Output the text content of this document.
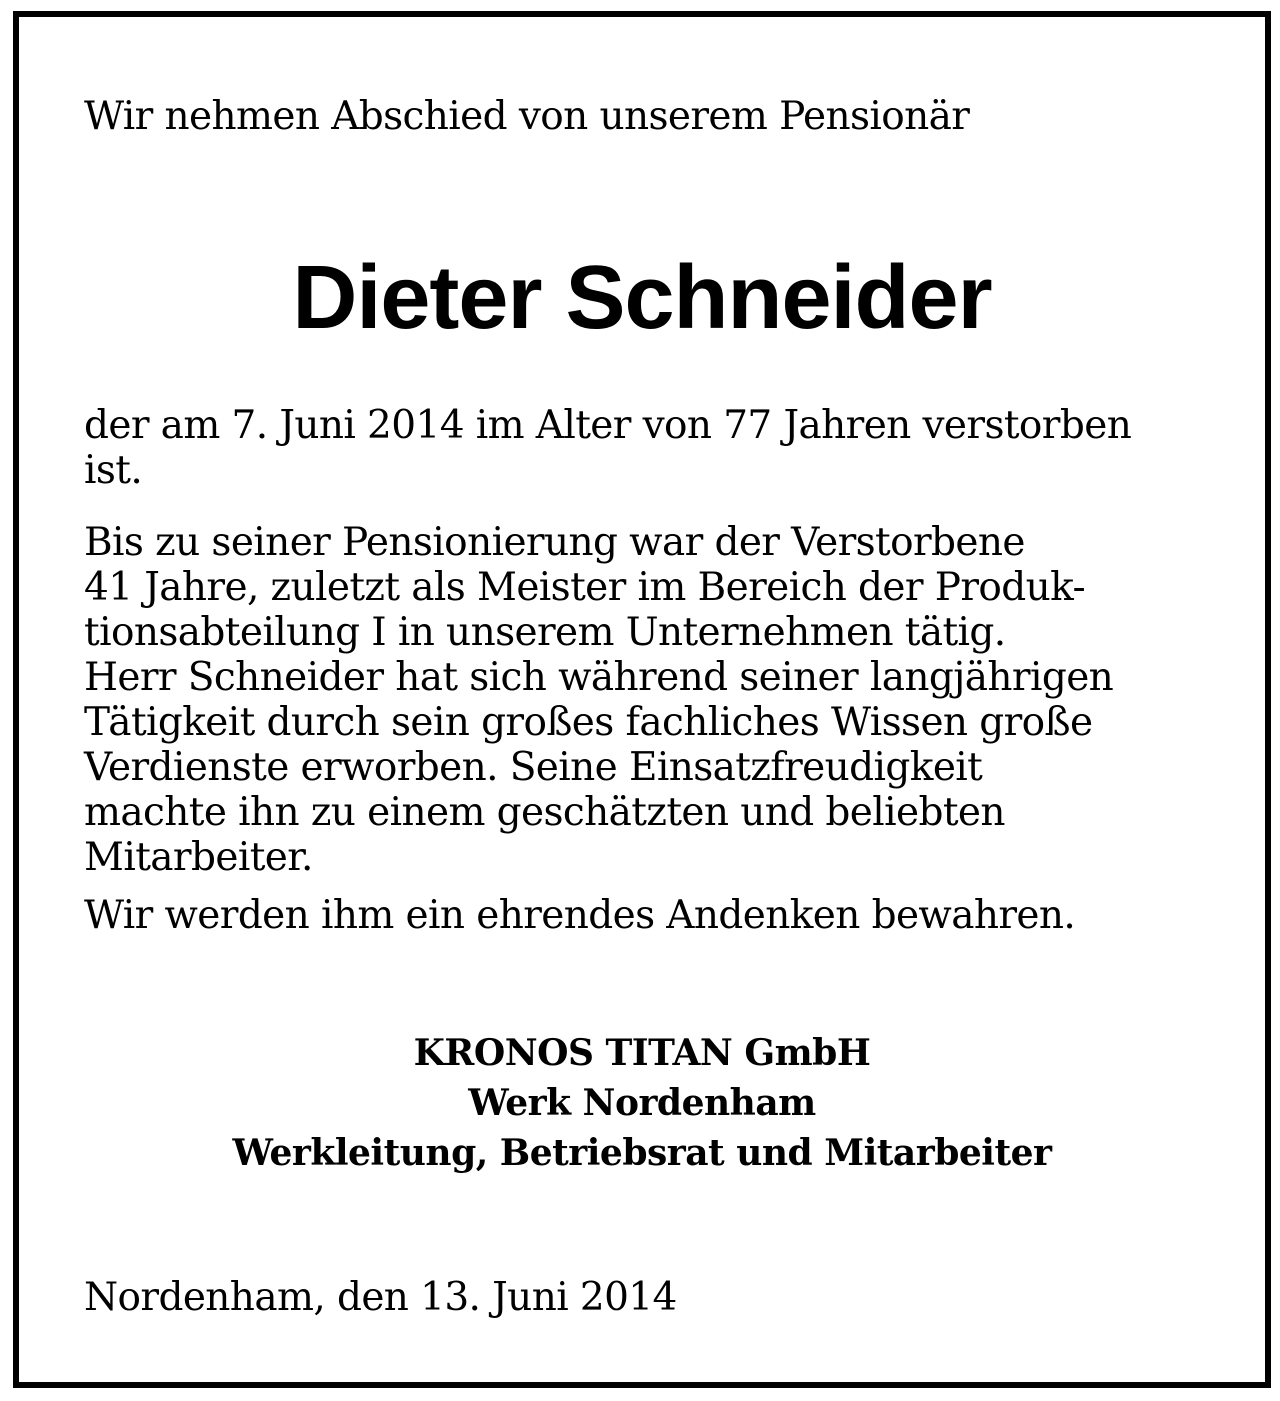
Wir nehmen Abschied von unserem Pensionär
Dieter Schneider
der am 7. Juni 2014 im Alter von 77 Jahren verstorben
ist.
Bis zu seiner Pensionierung war der Verstorbene
41 Jahre, zuletzt als Meister im Bereich der Produk-
tionsabteilung I in unserem Unternehmen tätig.
Herr Schneider hat sich während seiner langjährigen
Tätigkeit durch sein großes fachliches Wissen große
Verdienste erworben. Seine Einsatzfreudigkeit
machte ihn zu einem geschätzten und beliebten
Mitarbeiter.
Wir werden ihm ein ehrendes Andenken bewahren.
KRONOS TITAN GmbH
Werk Nordenham
Werkleitung, Betriebsrat und Mitarbeiter
Nordenham, den 13. Juni 2014
